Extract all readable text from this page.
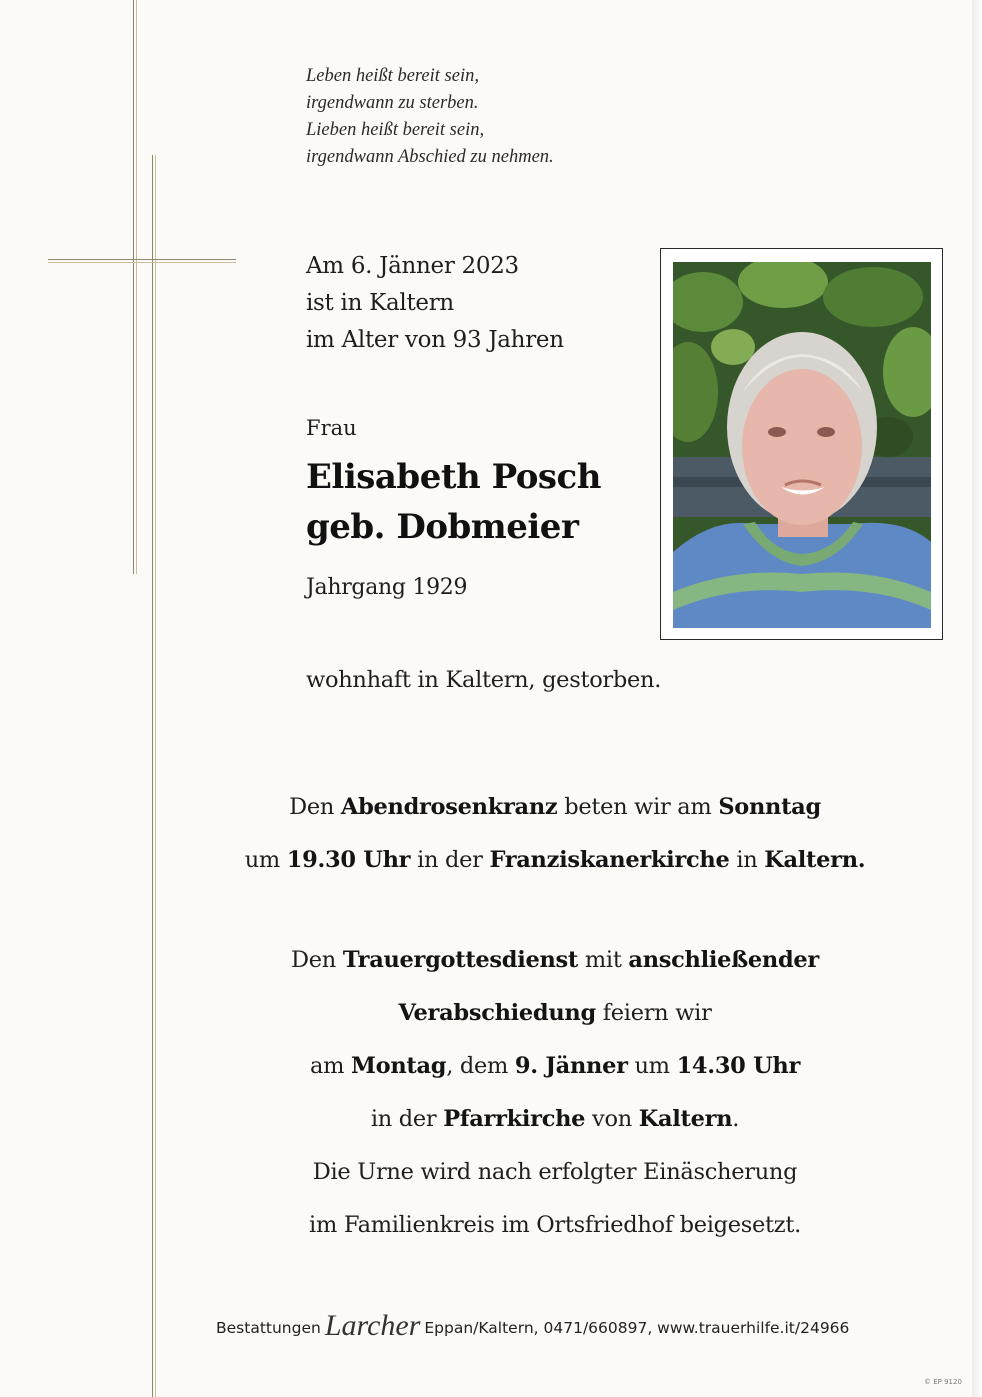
Leben heißt bereit sein,
irgendwann zu sterben.
Lieben heißt bereit sein,
irgendwann Abschied zu nehmen.
Am 6. Jänner 2023
ist in Kaltern
im Alter von 93 Jahren
Frau
Elisabeth Posch
geb. Dobmeier
Jahrgang 1929
wohnhaft in Kaltern, gestorben.
Den Abendrosenkranz beten wir am Sonntag
um 19.30 Uhr in der Franziskanerkirche in Kaltern.
Den Trauergottesdienst mit anschließender
Verabschiedung feiern wir
am Montag, dem 9. Jänner um 14.30 Uhr
in der Pfarrkirche von Kaltern.
Die Urne wird nach erfolgter Einäscherung
im Familienkreis im Ortsfriedhof beigesetzt.
Bestattungen Larcher Eppan/Kaltern, 0471/660897, www.trauerhilfe.it/24966
© EP 9120
